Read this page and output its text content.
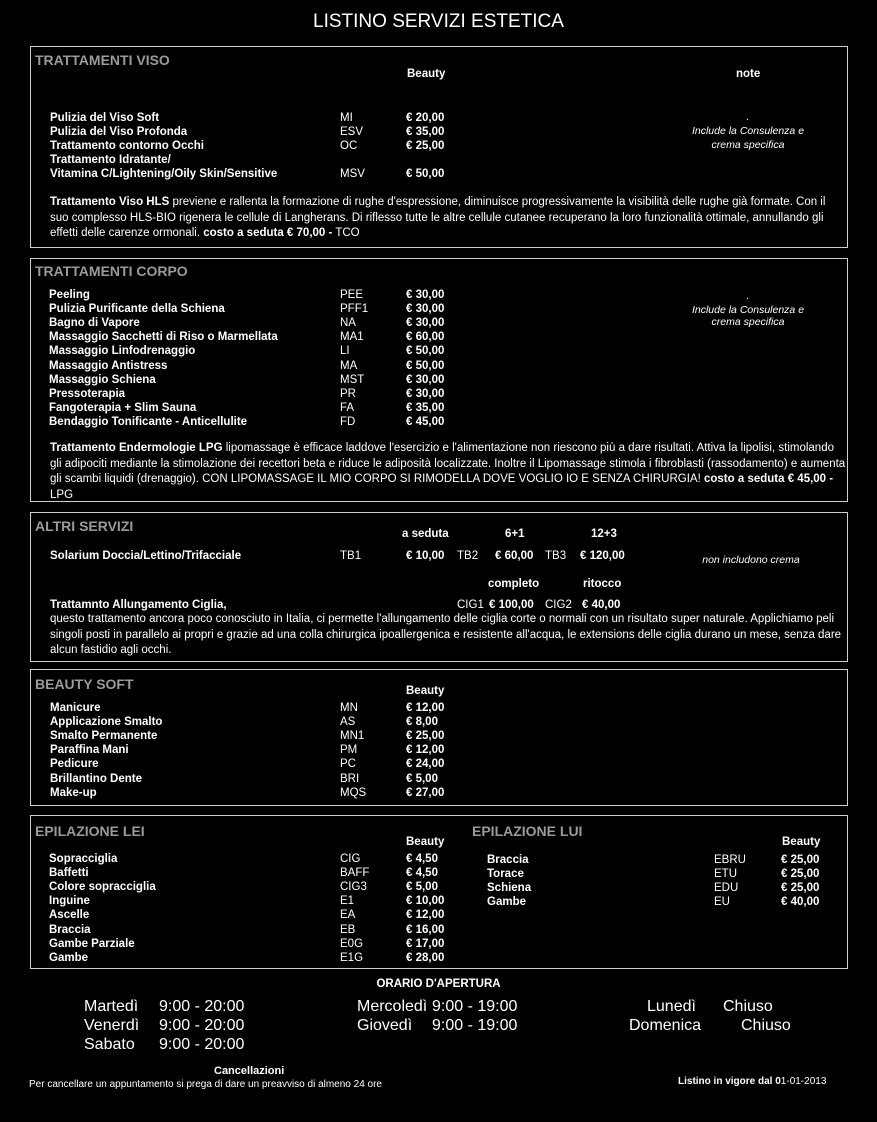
LISTINO SERVIZI ESTETICA
TRATTAMENTI VISO
Beauty	note
Pulizia del Viso Soft	MI	€ 20,00
Pulizia del Viso Profonda	ESV	€ 35,00
Trattamento contorno Occhi	OC	€ 25,00
Trattamento Idratante/
Vitamina C/Lightening/Oily Skin/Sensitive	MSV	€ 50,00
.
Include la Consulenza e
crema specifica
Trattamento Viso HLS previene e rallenta la formazione di rughe d'espressione, diminuisce progressivamente la visibilità delle rughe già formate. Con il suo complesso HLS-BIO rigenera le cellule di Langherans. Di riflesso tutte le altre cellule cutanee recuperano la loro funzionalità ottimale, annullando gli effetti delle carenze ormonali. costo a seduta € 70,00 - TCO
TRATTAMENTI CORPO
Peeling	PEE	€ 30,00
Pulizia Purificante della Schiena	PFF1	€ 30,00
Bagno di Vapore	NA	€ 30,00
Massaggio Sacchetti di Riso o Marmellata	MA1	€ 60,00
Massaggio Linfodrenaggio	LI	€ 50,00
Massaggio Antistress	MA	€ 50,00
Massaggio Schiena	MST	€ 30,00
Pressoterapia	PR	€ 30,00
Fangoterapia + Slim Sauna	FA	€ 35,00
Bendaggio Tonificante - Anticellulite	FD	€ 45,00
.
Include la Consulenza e
crema specifica
Trattamento Endermologie LPG lipomassage è efficace laddove l'esercizio e l'alimentazione non riescono più a dare risultati. Attiva la lipolisi, stimolando gli adipociti mediante la stimolazione dei recettori beta e riduce le adiposità localizzate. Inoltre il Lipomassage stimola i fibroblasti (rassodamento) e aumenta gli scambi liquidi (drenaggio). CON LIPOMASSAGE IL MIO CORPO SI RIMODELLA DOVE VOGLIO IO E SENZA CHIRURGIA! costo a seduta € 45,00 - LPG
ALTRI SERVIZI	a seduta	6+1	12+3
Solarium Doccia/Lettino/Trifacciale	TB1	€ 10,00 TB2 € 60,00 TB3 € 120,00	non includono crema
completo	ritocco
Trattamnto Allungamento Ciglia,	CIG1 € 100,00 CIG2 € 40,00
questo trattamento ancora poco conosciuto in Italia, ci permette l'allungamento delle ciglia corte o normali con un risultato super naturale. Applichiamo peli singoli posti in parallelo ai propri e grazie ad una colla chirurgica ipoallergenica e resistente all'acqua, le extensions delle ciglia durano un mese, senza dare alcun fastidio agli occhi.
BEAUTY SOFT	Beauty
Manicure	MN	€ 12,00
Applicazione Smalto	AS	€ 8,00
Smalto Permanente	MN1	€ 25,00
Paraffina Mani	PM	€ 12,00
Pedicure	PC	€ 24,00
Brillantino Dente	BRI	€ 5,00
Make-up	MQS	€ 27,00
EPILAZIONE LEI
Beauty
Sopracciglia	CIG	€ 4,50
Baffetti	BAFF	€ 4,50
Colore sopracciglia	CIG3	€ 5,00
Inguine	E1	€ 10,00
Ascelle	EA	€ 12,00
Braccia	EB	€ 16,00
Gambe Parziale	E0G	€ 17,00
Gambe	E1G	€ 28,00
EPILAZIONE LUI
Beauty
Braccia	EBRU	€ 25,00
Torace	ETU	€ 25,00
Schiena	EDU	€ 25,00
Gambe	EU	€ 40,00
ORARIO D'APERTURA
Martedì 9:00 - 20:00
Venerdì 9:00 - 20:00
Sabato 9:00 - 20:00
Mercoledì 9:00 - 19:00
Giovedì 9:00 - 19:00
Lunedì Chiuso
Domenica Chiuso
Cancellazioni
Per cancellare un appuntamento si prega di dare un preavviso di almeno 24 ore	Listino in vigore dal 01-01-2013
